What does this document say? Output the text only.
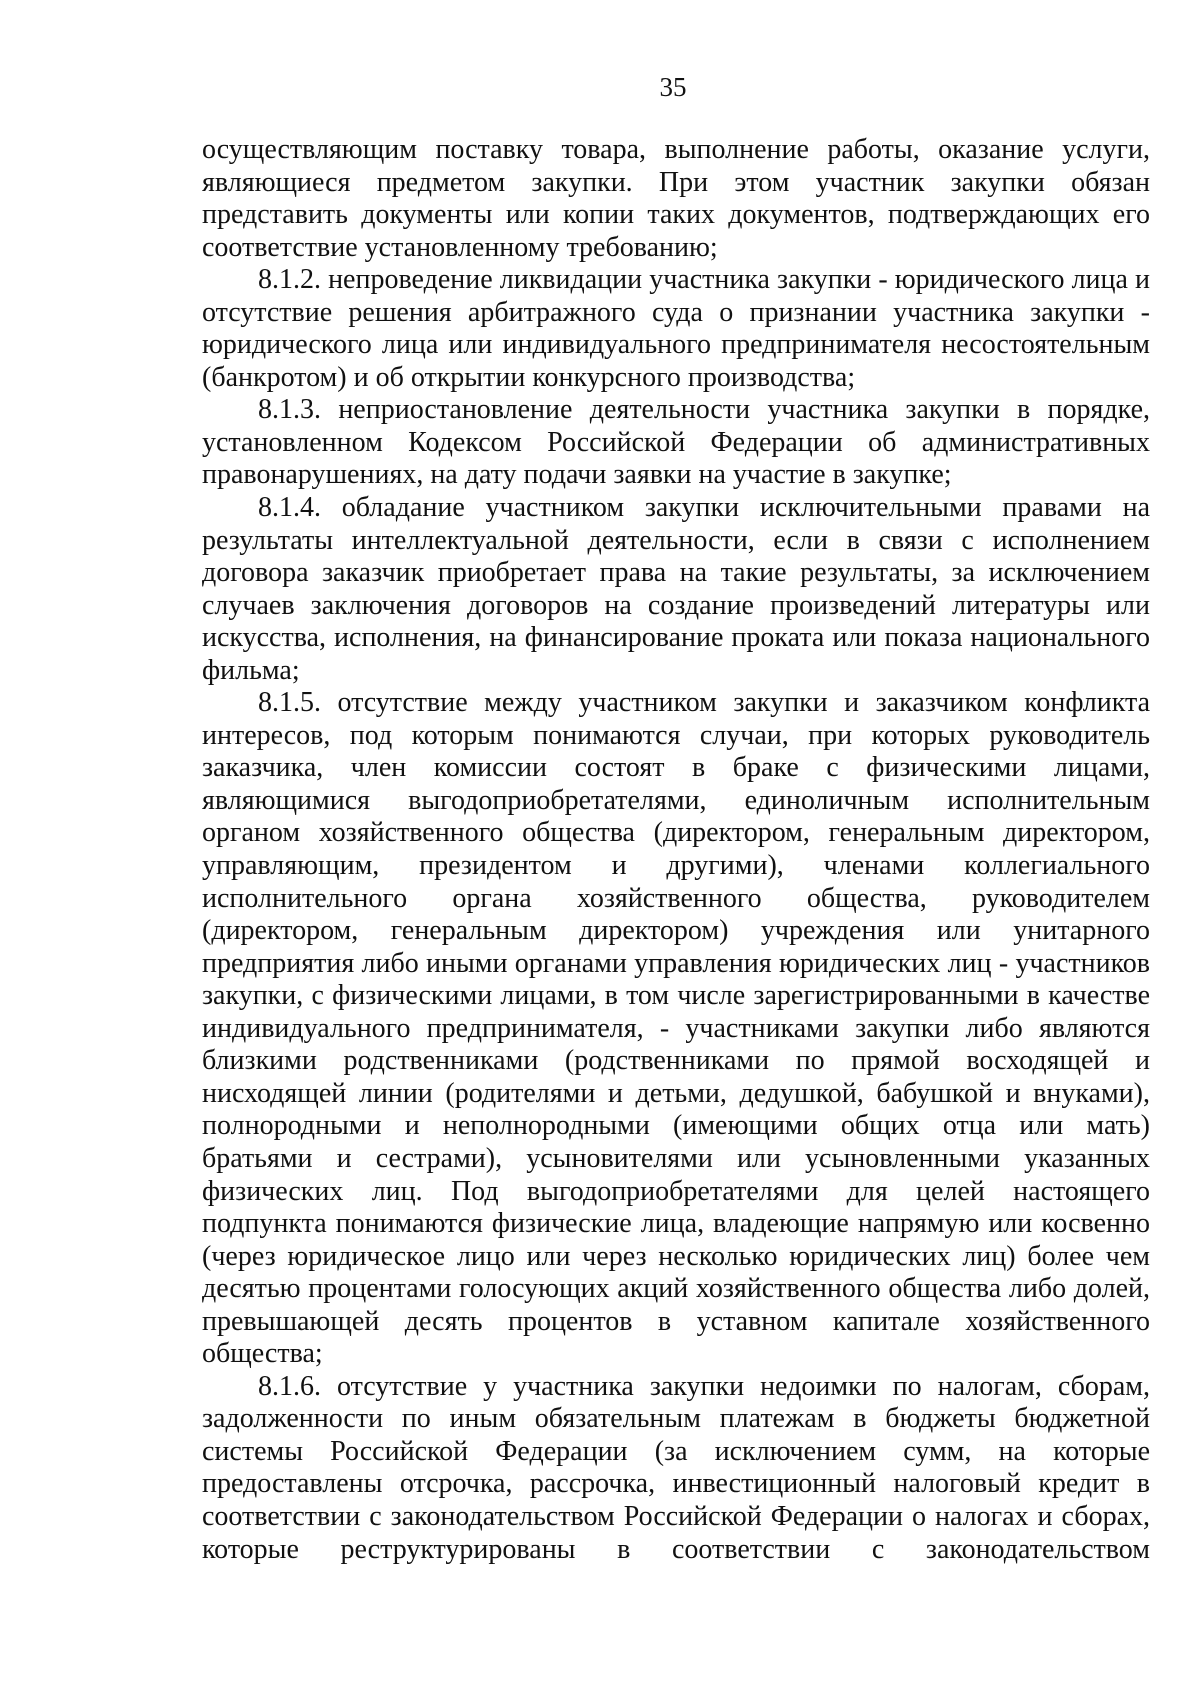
35

осуществляющим поставку товара, выполнение работы, оказание услуги, являющиеся предметом закупки. При этом участник закупки обязан представить документы или копии таких документов, подтверждающих его соответствие установленному требованию;

8.1.2. непроведение ликвидации участника закупки - юридического лица и отсутствие решения арбитражного суда о признании участника закупки - юридического лица или индивидуального предпринимателя несостоятельным (банкротом) и об открытии конкурсного производства;

8.1.3. неприостановление деятельности участника закупки в порядке, установленном Кодексом Российской Федерации об административных правонарушениях, на дату подачи заявки на участие в закупке;

8.1.4. обладание участником закупки исключительными правами на результаты интеллектуальной деятельности, если в связи с исполнением договора заказчик приобретает права на такие результаты, за исключением случаев заключения договоров на создание произведений литературы или искусства, исполнения, на финансирование проката или показа национального фильма;

8.1.5. отсутствие между участником закупки и заказчиком конфликта интересов, под которым понимаются случаи, при которых руководитель заказчика, член комиссии состоят в браке с физическими лицами, являющимися выгодоприобретателями, единоличным исполнительным органом хозяйственного общества (директором, генеральным директором, управляющим, президентом и другими), членами коллегиального исполнительного органа хозяйственного общества, руководителем (директором, генеральным директором) учреждения или унитарного предприятия либо иными органами управления юридических лиц - участников закупки, с физическими лицами, в том числе зарегистрированными в качестве индивидуального предпринимателя, - участниками закупки либо являются близкими родственниками (родственниками по прямой восходящей и нисходящей линии (родителями и детьми, дедушкой, бабушкой и внуками), полнородными и неполнородными (имеющими общих отца или мать) братьями и сестрами), усыновителями или усыновленными указанных физических лиц. Под выгодоприобретателями для целей настоящего подпункта понимаются физические лица, владеющие напрямую или косвенно (через юридическое лицо или через несколько юридических лиц) более чем десятью процентами голосующих акций хозяйственного общества либо долей, превышающей десять процентов в уставном капитале хозяйственного общества;

8.1.6. отсутствие у участника закупки недоимки по налогам, сборам, задолженности по иным обязательным платежам в бюджеты бюджетной системы Российской Федерации (за исключением сумм, на которые предоставлены отсрочка, рассрочка, инвестиционный налоговый кредит в соответствии с законодательством Российской Федерации о налогах и сборах, которые реструктурированы в соответствии с законодательством
